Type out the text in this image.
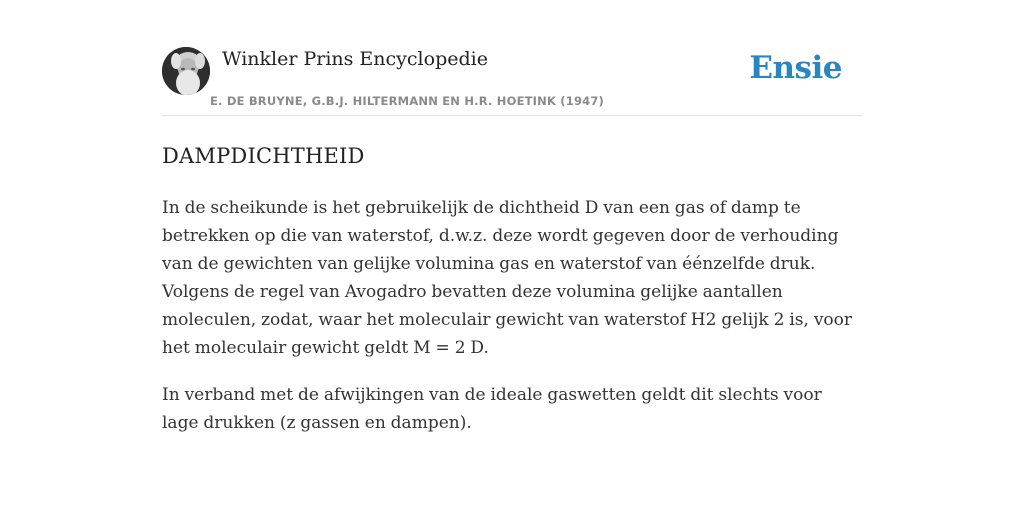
Winkler Prins Encyclopedie
E. DE BRUYNE, G.B.J. HILTERMANN EN H.R. HOETINK (1947)
Ensie
DAMPDICHTHEID

In de scheikunde is het gebruikelijk de dichtheid D van een gas of damp te betrekken op die van waterstof, d.w.z. deze wordt gegeven door de verhouding van de gewichten van gelijke volumina gas en waterstof van éénzelfde druk. Volgens de regel van Avogadro bevatten deze volumina gelijke aantallen moleculen, zodat, waar het moleculair gewicht van waterstof H2 gelijk 2 is, voor het moleculair gewicht geldt M = 2 D.

In verband met de afwijkingen van de ideale gaswetten geldt dit slechts voor lage drukken (z gassen en dampen).
